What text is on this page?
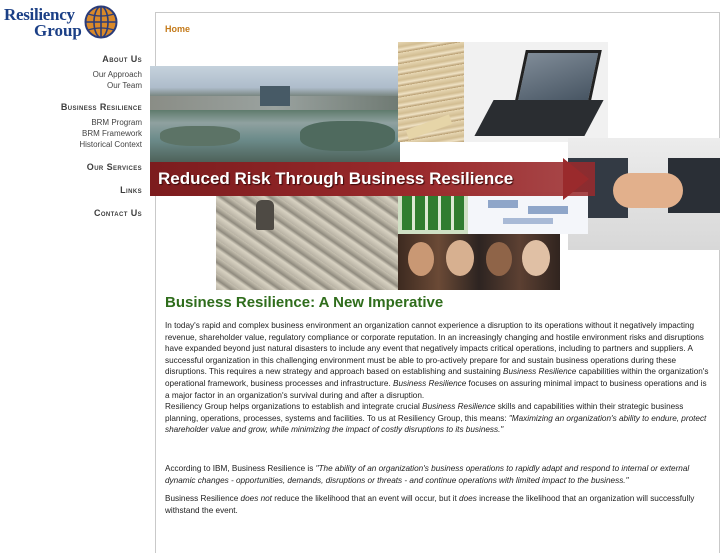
Resiliency
Group
About Us
Our Approach
Our Team
Business Resilience
BRM Program
BRM Framework
Historical Context
Our Services
Links
Contact Us
Home
Reduced Risk Through Business Resilience
Business Resilience: A New Imperative
In today's rapid and complex business environment an organization cannot experience a disruption to its operations without it negatively impacting revenue, shareholder value, regulatory compliance or corporate reputation. In an increasingly changing and hostile environment risks and disruptions have expanded beyond just natural disasters to include any event that negatively impacts critical operations, including to partners and suppliers. A successful organization in this challenging environment must be able to pro-actively prepare for and sustain business operations during these disruptions. This requires a new strategy and approach based on establishing and sustaining Business Resilience capabilities within the organization's operational framework, business processes and infrastructure. Business Resilience focuses on assuring minimal impact to business operations and is a major factor in an organization's survival during and after a disruption.
Resiliency Group helps organizations to establish and integrate crucial Business Resilience skills and capabilities within their strategic business planning, operations, processes, systems and facilities. To us at Resiliency Group, this means: "Maximizing an organization's ability to endure, protect shareholder value and grow, while minimizing the impact of costly disruptions to its business."
According to IBM, Business Resilience is "The ability of an organization's business operations to rapidly adapt and respond to internal or external dynamic changes - opportunities, demands, disruptions or threats - and continue operations with limited impact to the business."
Business Resilience does not reduce the likelihood that an event will occur, but it does increase the likelihood that an organization will successfully withstand the event.
